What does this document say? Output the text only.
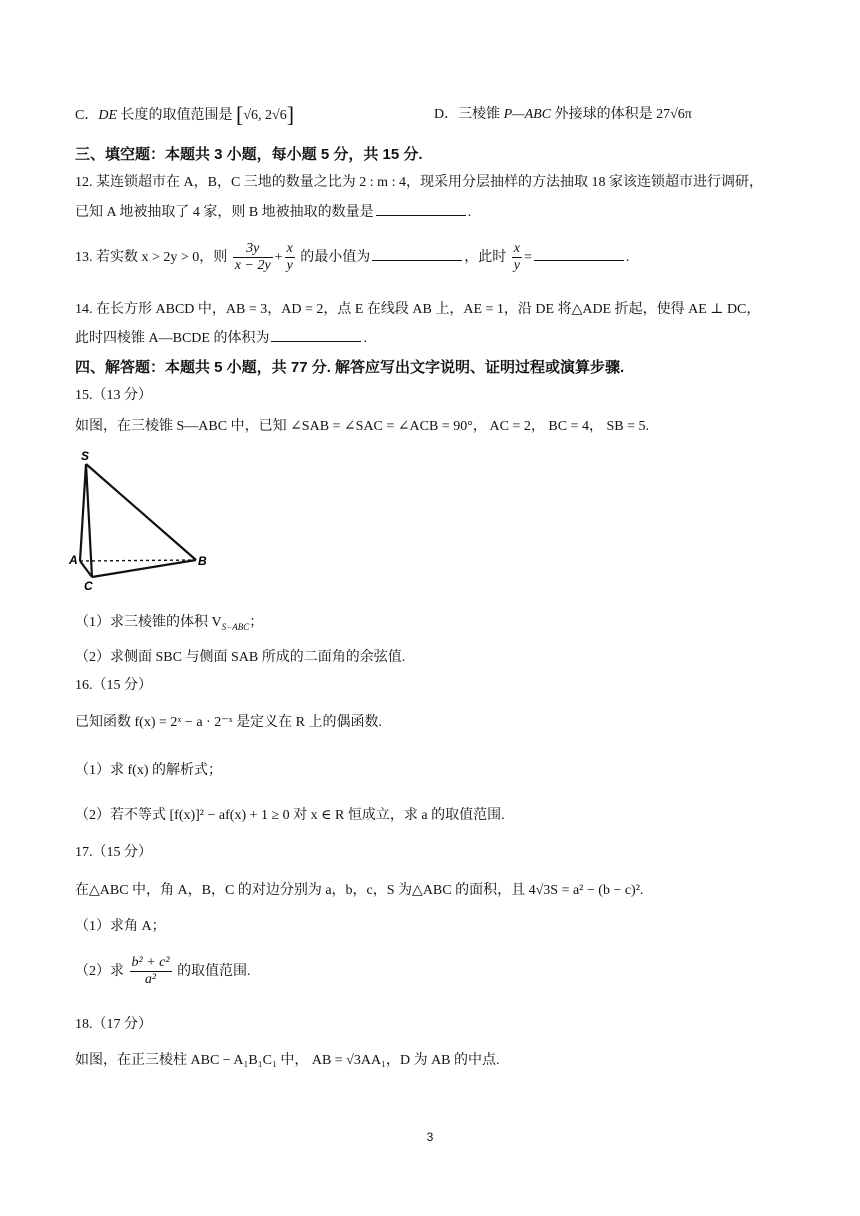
C．DE 长度的取值范围是 [√6, 2√6]	D．三棱锥 P—ABC 外接球的体积是 27√6π
三、填空题：本题共 3 小题，每小题 5 分，共 15 分.
12. 某连锁超市在 A，B，C 三地的数量之比为 2 : m : 4，现采用分层抽样的方法抽取 18 家该连锁超市进行调研，
已知 A 地被抽取了 4 家，则 B 地被抽取的数量是	.
13. 若实数 x > 2y > 0，则 $\frac{3y}{x - 2y} + \frac{x}{y}$ 的最小值为	，此时 $\frac{x}{y}$ =	.
14. 在长方形 ABCD 中，AB = 3，AD = 2，点 E 在线段 AB 上，AE = 1，沿 DE 将△ADE 折起，使得 AE ⊥ DC，
此时四棱锥 A—BCDE 的体积为	.
四、解答题：本题共 5 小题，共 77 分. 解答应写出文字说明、证明过程或演算步骤.
15.（13 分）
如图，在三棱锥 S—ABC 中，已知 ∠SAB = ∠SAC = ∠ACB = 90°， AC = 2， BC = 4， SB = 5.
S
A	B
C
（1）求三棱锥的体积 $V_{S-ABC}$；
（2）求侧面 SBC 与侧面 SAB 所成的二面角的余弦值.
16.（15 分）
已知函数 f(x) = 2ˣ − a · 2⁻ˣ 是定义在 R 上的偶函数.
（1）求 f(x) 的解析式；
（2）若不等式 [f(x)]² − af(x) + 1 ≥ 0 对 x ∈ R 恒成立，求 a 的取值范围.
17.（15 分）
在△ABC 中，角 A，B，C 的对边分别为 a，b，c，S 为△ABC 的面积，且 4√3S = a² − (b − c)².
（1）求角 A；
（2）求 $\frac{\text{b² + c²}}{\text{a²}}$ 的取值范围.
18.（17 分）
如图，在正三棱柱 ABC − A₁B₁C₁ 中， AB = √3AA₁，D 为 AB 的中点.
3
